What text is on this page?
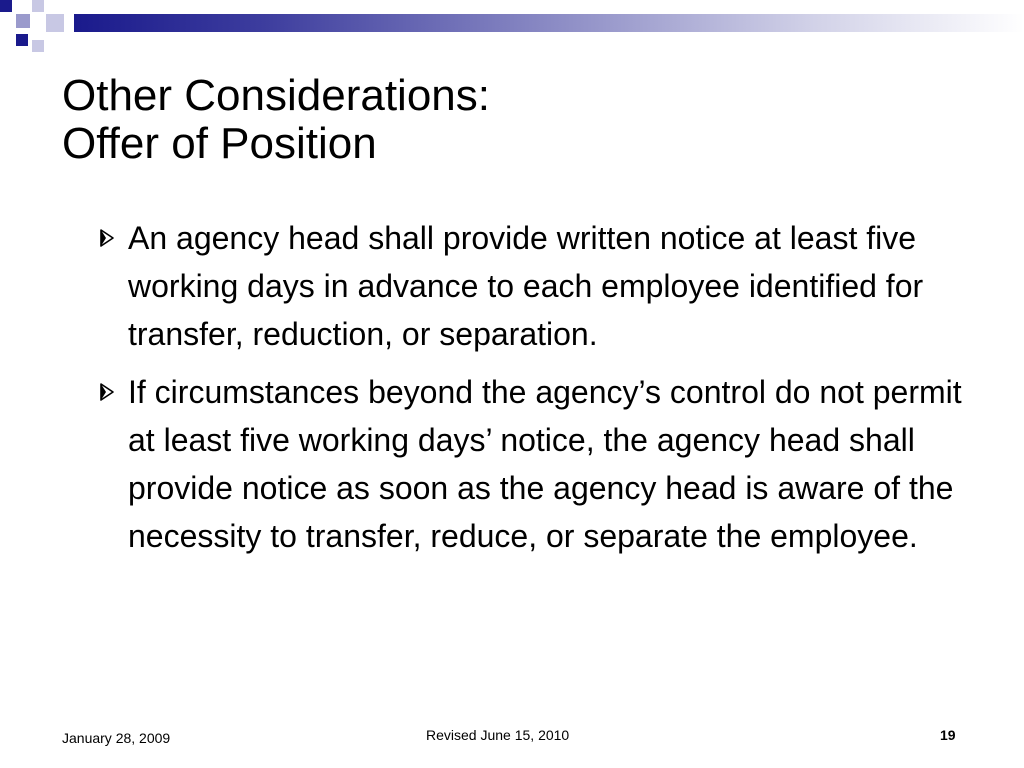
Other Considerations:
Offer of Position
An agency head shall provide written notice at least five working days in advance to each employee identified for transfer, reduction, or separation.
If circumstances beyond the agency’s control do not permit at least five working days’ notice, the agency head shall provide notice as soon as the agency head is aware of the necessity to transfer, reduce, or separate the employee.
January 28, 2009	Revised June 15, 2010	19
